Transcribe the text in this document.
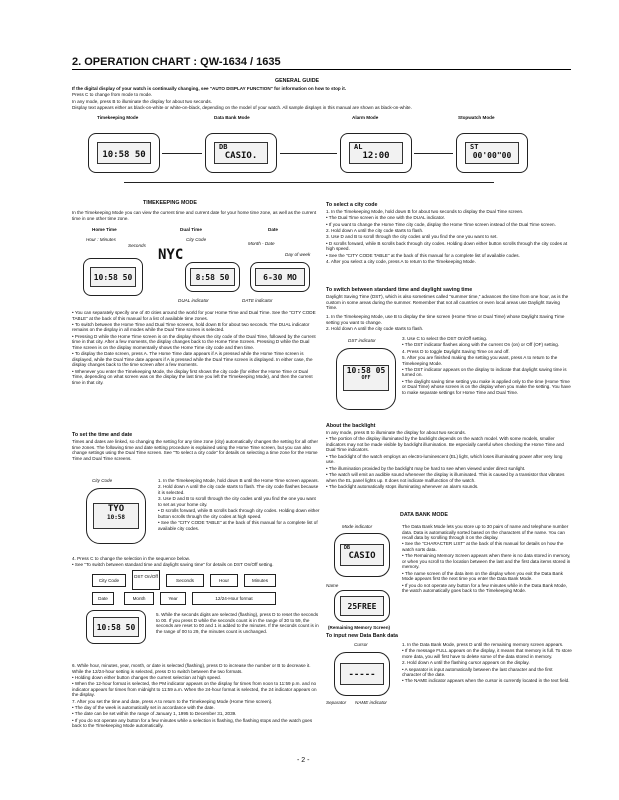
2. OPERATION CHART : QW-1634 / 1635
GENERAL GUIDE
If the digital display of your watch is continually changing, see "AUTO DISPLAY FUNCTION" for information on how to stop it.
Press C to change from mode to mode.
In any mode, press B to illuminate the display for about two seconds.
Display text appears either as black-on-white or white-on-black, depending on the model of your watch. All sample displays in this manual are shown as black-on-white.
Timekeeping Mode	Data Bank Mode	Alarm Mode	Stopwatch Mode
10:58 50
DB
CASIO.
AL
12:00
ST
00'00"00
TIMEKEEPING MODE
In the Timekeeping Mode you can view the current time and current date for your home time zone, as well as the current time in one other time zone.
Home Time	Dual Time	Date
Hour : Minutes
Seconds
City Code
Month - Date
Day of week
10:58 50
NYC
8:58 50	6-30 MO
DUAL indicator	DATE indicator
• You can separately specify one of 40 cities around the world for your Home Time and Dual Time. See the "CITY CODE TABLE" at the back of this manual for a list of available time zones.
• To switch between the Home Time and Dual Time screens, hold down B for about two seconds. The DUAL indicator remains on the display in all modes while the Dual Time screen is selected.
• Pressing D while the Home Time screen is on the display shows the city code of the Dual Time, followed by the current time in that city. After a few moments, the display changes back to the Home Time Screen. Pressing D while the Dual Time screen is on the display momentarily shows the Home Time city code and then time.
• To display the Date screen, press A. The Home Time date appears if A is pressed while the Home Time screen is displayed, while the Dual Time date appears if A is pressed while the Dual Time screen is displayed. In either case, the display changes back to the time screen after a few moments.
• Whenever you enter the Timekeeping Mode, the display first shows the city code (for either the Home Time or Dual Time, depending on what screen was on the display the last time you left the Timekeeping Mode), and then the current time in that city.
To set the time and date
Times and dates are linked, so changing the setting for any time zone (city) automatically changes the setting for all other time zones. The following time and date setting procedure is explained using the Home Time screen, but you can also change settings using the Dual Time screen. See "To select a city code" for details on selecting a time zone for the Home Time and Dual Time screens.
City Code
TYO
10:58
1. In the Timekeeping Mode, hold down B until the Home Time screen appears.
2. Hold down A until the city code starts to flash. The city code flashes because it is selected.
3. Use D and B to scroll through the city codes until you find the one you want to set as your home city.
• D scrolls forward, while B scrolls back through city codes. Holding down either button scrolls through the city codes at high speed.
• See the "CITY CODE TABLE" at the back of this manual for a complete list of available city codes.
4. Press C to change the selection in the sequence below.
• See "To switch between standard time and daylight saving time" for details on DST On/Off setting.
City Code
DST On/Off
Seconds	Hour	Minutes
Date	Month	Year	12/24-Hour format
10:58 50
5. While the seconds digits are selected (flashing), press D to reset the seconds to 00. If you press D while the seconds count is in the range of 30 to 59, the seconds are reset to 00 and 1 is added to the minutes. If the seconds count is in the range of 00 to 29, the minutes count is unchanged.
6. While hour, minutes, year, month, or date is selected (flashing), press D to increase the number or B to decrease it. While the 12/24-hour setting is selected, press D to switch between the two formats.
• Holding down either button changes the current selection at high speed.
• When the 12-hour format is selected, the PM indicator appears on the display for times from noon to 11:59 p.m. and no indicator appears for times from midnight to 11:59 a.m. When the 24-hour format is selected, the 24 indicator appears on the display.
7. After you set the time and date, press A to return to the Timekeeping Mode (Home Time screen).
• The day of the week is automatically set in accordance with the date.
• The date can be set within the range of January 1, 1995 to December 31, 2039.
• If you do not operate any button for a few minutes while a selection is flashing, the flashing stops and the watch goes back to the Timekeeping Mode automatically.
To select a city code
1. In the Timekeeping Mode, hold down B for about two seconds to display the Dual Time screen.
• The Dual Time screen is the one with the DUAL indicator.
• If you want to change the Home Time city code, display the Home Time screen instead of the Dual Time screen.
2. Hold down A until the city code starts to flash.
3. Use D and B to scroll through the city codes until you find the one you want to set.
• D scrolls forward, while B scrolls back through city codes. Holding down either button scrolls through the city codes at high speed.
• See the "CITY CODE TABLE" at the back of this manual for a complete list of available codes.
4. After you select a city code, press A to return to the Timekeeping Mode.
To switch between standard time and daylight saving time
Daylight Saving Time (DST), which is also sometimes called "summer time," advances the time from one hour, as is the custom in some areas during the summer. Remember that not all countries or even local areas use Daylight Saving Time.
1. In the Timekeeping Mode, use B to display the time screen (Home Time or Dual Time) whose Daylight Saving Time setting you want to change.
2. Hold down A until the city code starts to flash.
DST indicator
10:58 05
OFF
3. Use C to select the DST On/Off setting.
• The DST indicator flashes along with the current On (on) or Off (OF) setting.
4. Press D to toggle Daylight Saving Time on and off.
5. After you are finished making the setting you want, press A to return to the Timekeeping Mode.
• The DST indicator appears on the display to indicate that daylight saving time is turned on.
• The daylight saving time setting you make is applied only to the time (Home Time or Dual Time) whose screen is on the display when you make the setting. You have to make separate settings for Home Time and Dual Time.
About the backlight
In any mode, press B to illuminate the display for about two seconds.
• The portion of the display illuminated by the backlight depends on the watch model. With some models, smaller indicators may not be made visible by backlight illumination. Be especially careful when checking the Home Time and Dual Time indicators.
• The backlight of the watch employs an electro-luminescent (EL) light, which loses illuminating power after very long use.
• The illumination provided by the backlight may be hard to see when viewed under direct sunlight.
• The watch will emit an audible sound whenever the display is illuminated. This is caused by a transistor that vibrates when the EL panel lights up. It does not indicate malfunction of the watch.
• The backlight automatically stops illuminating whenever an alarm sounds.
DATA BANK MODE
Mode indicator
DB
CASIO
Name
25FREE
(Remaining Memory Screen)
The Data Bank Mode lets you store up to 30 pairs of name and telephone number data. Data is automatically sorted based on the characters of the name. You can recall data by scrolling through it on the display.
• See the "CHARACTER LIST" at the back of this manual for details on how the watch sorts data.
• The Remaining Memory Screen appears when there is no data stored in memory, or when you scroll to the location between the last and the first data items stored in memory.
• The name screen of the data item on the display when you exit the Data Bank Mode appears first the next time you enter the Data Bank Mode.
• If you do not operate any button for a few minutes while in the Data Bank Mode, the watch automatically goes back to the Timekeeping Mode.
To input new Data Bank data
Cursor
-----
Separator NAME indicator
1. In the Data Bank Mode, press D until the remaining memory screen appears.
• If the message FULL appears on the display, it means that memory is full. To store more data, you will first have to delete some of the data stored in memory.
2. Hold down A until the flashing cursor appears on the display.
• A separator is input automatically between the last character and the first character of the date.
• The NAME indicator appears when the cursor is currently located in the text field.
- 2 -
